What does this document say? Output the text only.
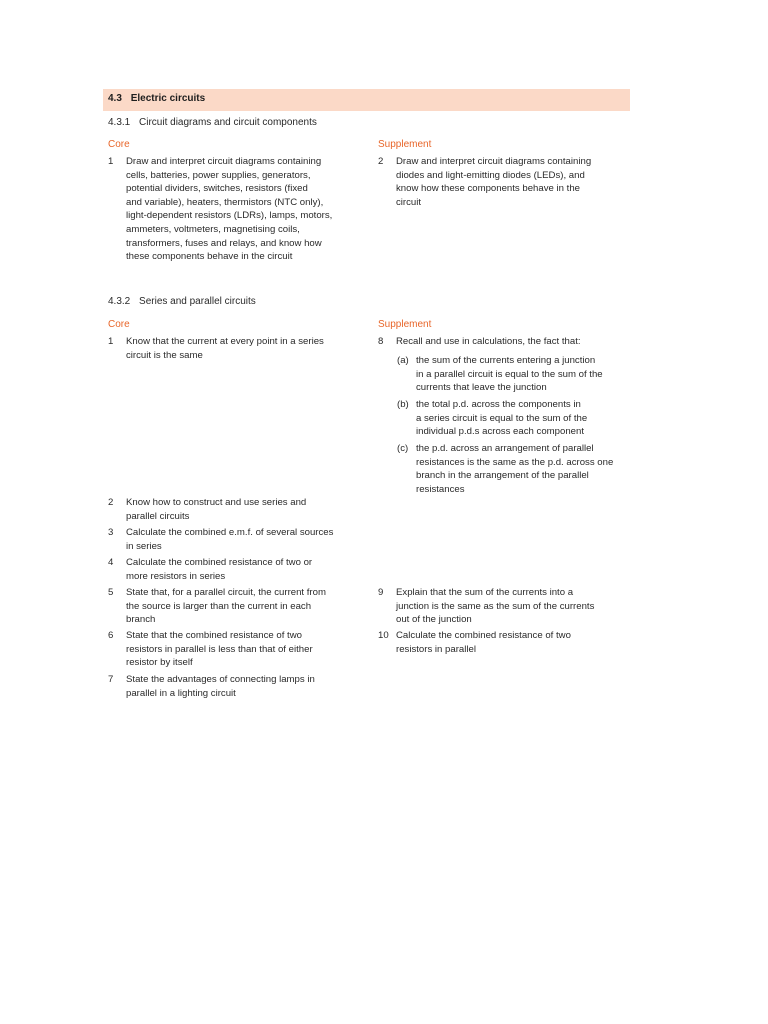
4.3 Electric circuits
4.3.1 Circuit diagrams and circuit components
Core	Supplement
1 Draw and interpret circuit diagrams containing
cells, batteries, power supplies, generators,
potential dividers, switches, resistors (fixed
and variable), heaters, thermistors (NTC only),
light-dependent resistors (LDRs), lamps, motors,
ammeters, voltmeters, magnetising coils,
transformers, fuses and relays, and know how
these components behave in the circuit
2 Draw and interpret circuit diagrams containing
diodes and light-emitting diodes (LEDs), and
know how these components behave in the
circuit
4.3.2 Series and parallel circuits
Core	Supplement
1 Know that the current at every point in a series
circuit is the same
2 Know how to construct and use series and
parallel circuits
3 Calculate the combined e.m.f. of several sources
in series
4 Calculate the combined resistance of two or
more resistors in series
5 State that, for a parallel circuit, the current from
the source is larger than the current in each
branch
6 State that the combined resistance of two
resistors in parallel is less than that of either
resistor by itself
7 State the advantages of connecting lamps in
parallel in a lighting circuit
8 Recall and use in calculations, the fact that:
(a) the sum of the currents entering a junction
in a parallel circuit is equal to the sum of the
currents that leave the junction
(b) the total p.d. across the components in
a series circuit is equal to the sum of the
individual p.d.s across each component
(c) the p.d. across an arrangement of parallel
resistances is the same as the p.d. across one
branch in the arrangement of the parallel
resistances
9 Explain that the sum of the currents into a
junction is the same as the sum of the currents
out of the junction
10 Calculate the combined resistance of two
resistors in parallel
